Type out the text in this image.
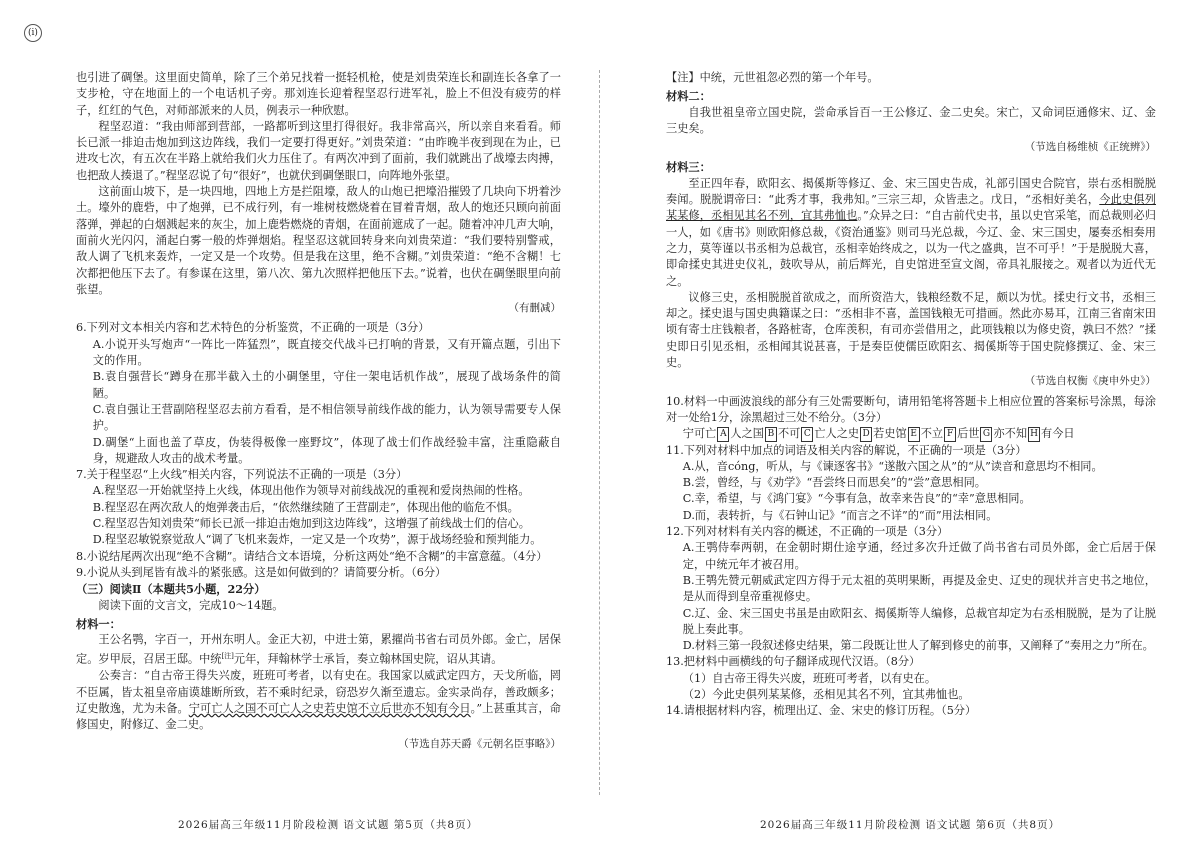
(i)

也引进了碉堡。这里面史简单，除了三个弟兄找着一挺轻机枪，使是刘贵荣连长和副连长各拿了一支步枪，守在地面上的一个电话机子旁。那刘连长迎着程坚忍行进军礼，脸上不但没有疲劳的样子，红红的气色，对师部派来的人员，例表示一种欣慰。

程坚忍道：“我由师部到营部，一路都听到这里打得很好。我非常高兴，所以亲自来看看。师长已派一排迫击炮加到这边阵线，我们一定要打得更好。”刘贵荣道：“由昨晚半夜到现在为止，已进攻七次，有五次在半路上就给我们火力压住了。有两次冲到了面前，我们就跳出了战壕去肉搏，也把敌人揍退了。”程坚忍说了句“很好”，也就伏到碉堡眼口，向阵地外张望。

这前面山坡下，是一块四地，四地上方是拦阻壕，敌人的山炮已把壕沿摧毁了几块向下坍着沙土。壕外的鹿砦，中了炮弹，已不成行列，有一堆树枝燃烧着在冒着青烟，敌人的炮还只顾向前面落弹，弹起的白烟溅起来的灰尘，加上鹿砦燃烧的青烟，在面前遮成了一起。随着冲冲几声大响，面前火光闪闪，涌起白雾一般的炸弹烟焰。程坚忍这就回转身来向刘贵荣道：“我们要特别警戒，敌人调了飞机来轰炸，一定又是一个攻势。但是我在这里，绝不含糊。”刘贵荣道：“绝不含糊！七次都把他压下去了。有参谋在这里，第八次、第九次照样把他压下去。”说着，也伏在碉堡眼里向前张望。

（有删减）

6.下列对文本相关内容和艺术特色的分析鉴赏，不正确的一项是（3分）

A.小说开头写炮声“一阵比一阵猛烈”，既直接交代战斗已打响的背景，又有开篇点题，引出下文的作用。

B.袁自强营长“蹲身在那半截入土的小碉堡里，守住一架电话机作战”，展现了战场条件的简陋。

C.袁自强让王营副陪程坚忍去前方看看，是不相信领导前线作战的能力，认为领导需要专人保护。

D.碉堡“上面也盖了草皮，伪装得极像一座野坟”，体现了战士们作战经验丰富，注重隐蔽自身，规避敌人攻击的战术考量。

7.关于程坚忍“上火线”相关内容，下列说法不正确的一项是（3分）

A.程坚忍一开始就坚持上火线，体现出他作为领导对前线战况的重视和爱岗热闹的性格。

B.程坚忍在两次敌人的炮弹袭击后，“依然继续随了王营副走”，体现出他的临危不惧。

C.程坚忍告知刘贵荣“师长已派一排迫击炮加到这边阵线”，这增强了前线战士们的信心。

D.程坚忍敏锐察觉敌人“调了飞机来轰炸，一定又是一个攻势”，源于战场经验和预判能力。

8.小说结尾两次出现“绝不含糊”。请结合文本语境，分析这两处“绝不含糊”的丰富意蕴。（4分）

9.小说从头到尾皆有战斗的紧张感。这是如何做到的？请简要分析。（6分）

（三）阅读Ⅱ（本题共5小题，22分）

阅读下面的文言文，完成10～14题。

材料一：

王公名鹗，字百一，开州东明人。金正大初，中进士第，累擢尚书省右司员外郎。金亡，居保定。岁甲辰，召居王邸。中统[注]元年，拜翰林学士承旨，奏立翰林国史院，诏从其请。

公奏言：“自古帝王得失兴废，班班可考者，以有史在。我国家以威武定四方，天戈所临，罔不臣属，皆太祖皇帝庙谟雄断所致，若不乘时纪录，窃恐岁久渐至遗忘。金实录尚存，善政颇多；辽史散逸，尤为未备。宁可亡人之国不可亡人之史若史馆不立后世亦不知有今日。”上甚重其言，命修国史，附修辽、金二史。

（节选自苏天爵《元朝名臣事略》）

【注】中统，元世祖忽必烈的第一个年号。

材料二：

自我世祖皇帝立国史院，尝命承旨百一王公修辽、金二史矣。宋亡，又命词臣通修宋、辽、金三史矣。

（节选自杨维桢《正统辨》）

材料三：

至正四年春，欧阳玄、揭傒斯等修辽、金、宋三国史告成，礼部引国史合院官，崇右丞相脱脱奏闻。脱脱谓帝曰：“此秀才事，我弗知。”三宗三却，众皆恚之。戊日，“丞相好美名，今此史俱列某某修，丞相见其名不列，宜其弗恤也。”众异之曰：“自古前代史书，虽以史官采笔，而总裁则必归一人，如《唐书》则欧阳修总裁，《资治通鉴》则司马光总裁，今辽、金、宋三国史，屡奏丞相奏用之力，莫等谨以书丞相为总裁官，丞相幸始终成之，以为一代之盛典，岂不可乎！”于是脱脱大喜，即命揉史其进史仪礼，鼓吹导从，前后辉光，自史馆进至宣文阁，帝具礼服接之。观者以为近代无之。

议修三史，丞相脱脱首欲成之，而所资浩大，钱粮经数不足，颇以为忧。揉史行文书，丞相三却之。揉史退与国史典籍谋之曰：“丞相非不喜，盖国钱粮无可措画。然此亦易耳，江南三省南宋田顷有寄士庄钱粮者，各路桩寄，仓库羡积，有司亦尝借用之，此项钱粮以为修史资，孰曰不然？”揉史即日引见丞相，丞相闻其说甚喜，于是奏臣使儒臣欧阳玄、揭傒斯等于国史院修撰辽、金、宋三史。

（节选自权衡《庚申外史》）

10.材料一中画波浪线的部分有三处需要断句，请用铅笔将答题卡上相应位置的答案标号涂黑，每涂对一处给1分，涂黑超过三处不给分。（3分）

宁可亡 A 人之国 B 不可 C 亡人之史 D 若史馆 E 不立 F 后世 G 亦不知 H 有今日

11.下列对材料中加点的词语及相关内容的解说，不正确的一项是（3分）

A.从，音cóng，听从，与《谏逐客书》“遂散六国之从”的“从”读音和意思均不相同。

B.尝，曾经，与《劝学》“吾尝终日而思矣”的“尝”意思相同。

C.幸，希望，与《鸿门宴》“今事有急，故幸来告良”的“幸”意思相同。

D.而，表转折，与《石钟山记》“而言之不详”的“而”用法相同。

12.下列对材料有关内容的概述，不正确的一项是（3分）

A.王鹗侍奉两朝，在金朝时期仕途亨通，经过多次升迁做了尚书省右司员外郎，金亡后居于保定，中统元年才被召用。

B.王鹗先赞元朝威武定四方得于元太祖的英明果断，再提及金史、辽史的现状并言史书之地位，是从而得到皇帝重视修史。

C.辽、金、宋三国史书虽是由欧阳玄、揭傒斯等人编修，总裁官却定为右丞相脱脱，是为了让脱脱上奏此事。

D.材料三第一段叙述修史结果，第二段既让世人了解到修史的前事，又阐释了“奏用之力”所在。

13.把材料中画横线的句子翻译成现代汉语。（8分）

（1）自古帝王得失兴废，班班可考者，以有史在。

（2）今此史俱列某某修，丞相见其名不列，宜其弗恤也。

14.请根据材料内容，梳理出辽、金、宋史的修订历程。（5分）

2026届高三年级11月阶段检测 语文试题 第5页（共8页）	2026届高三年级11月阶段检测 语文试题 第6页（共8页）
